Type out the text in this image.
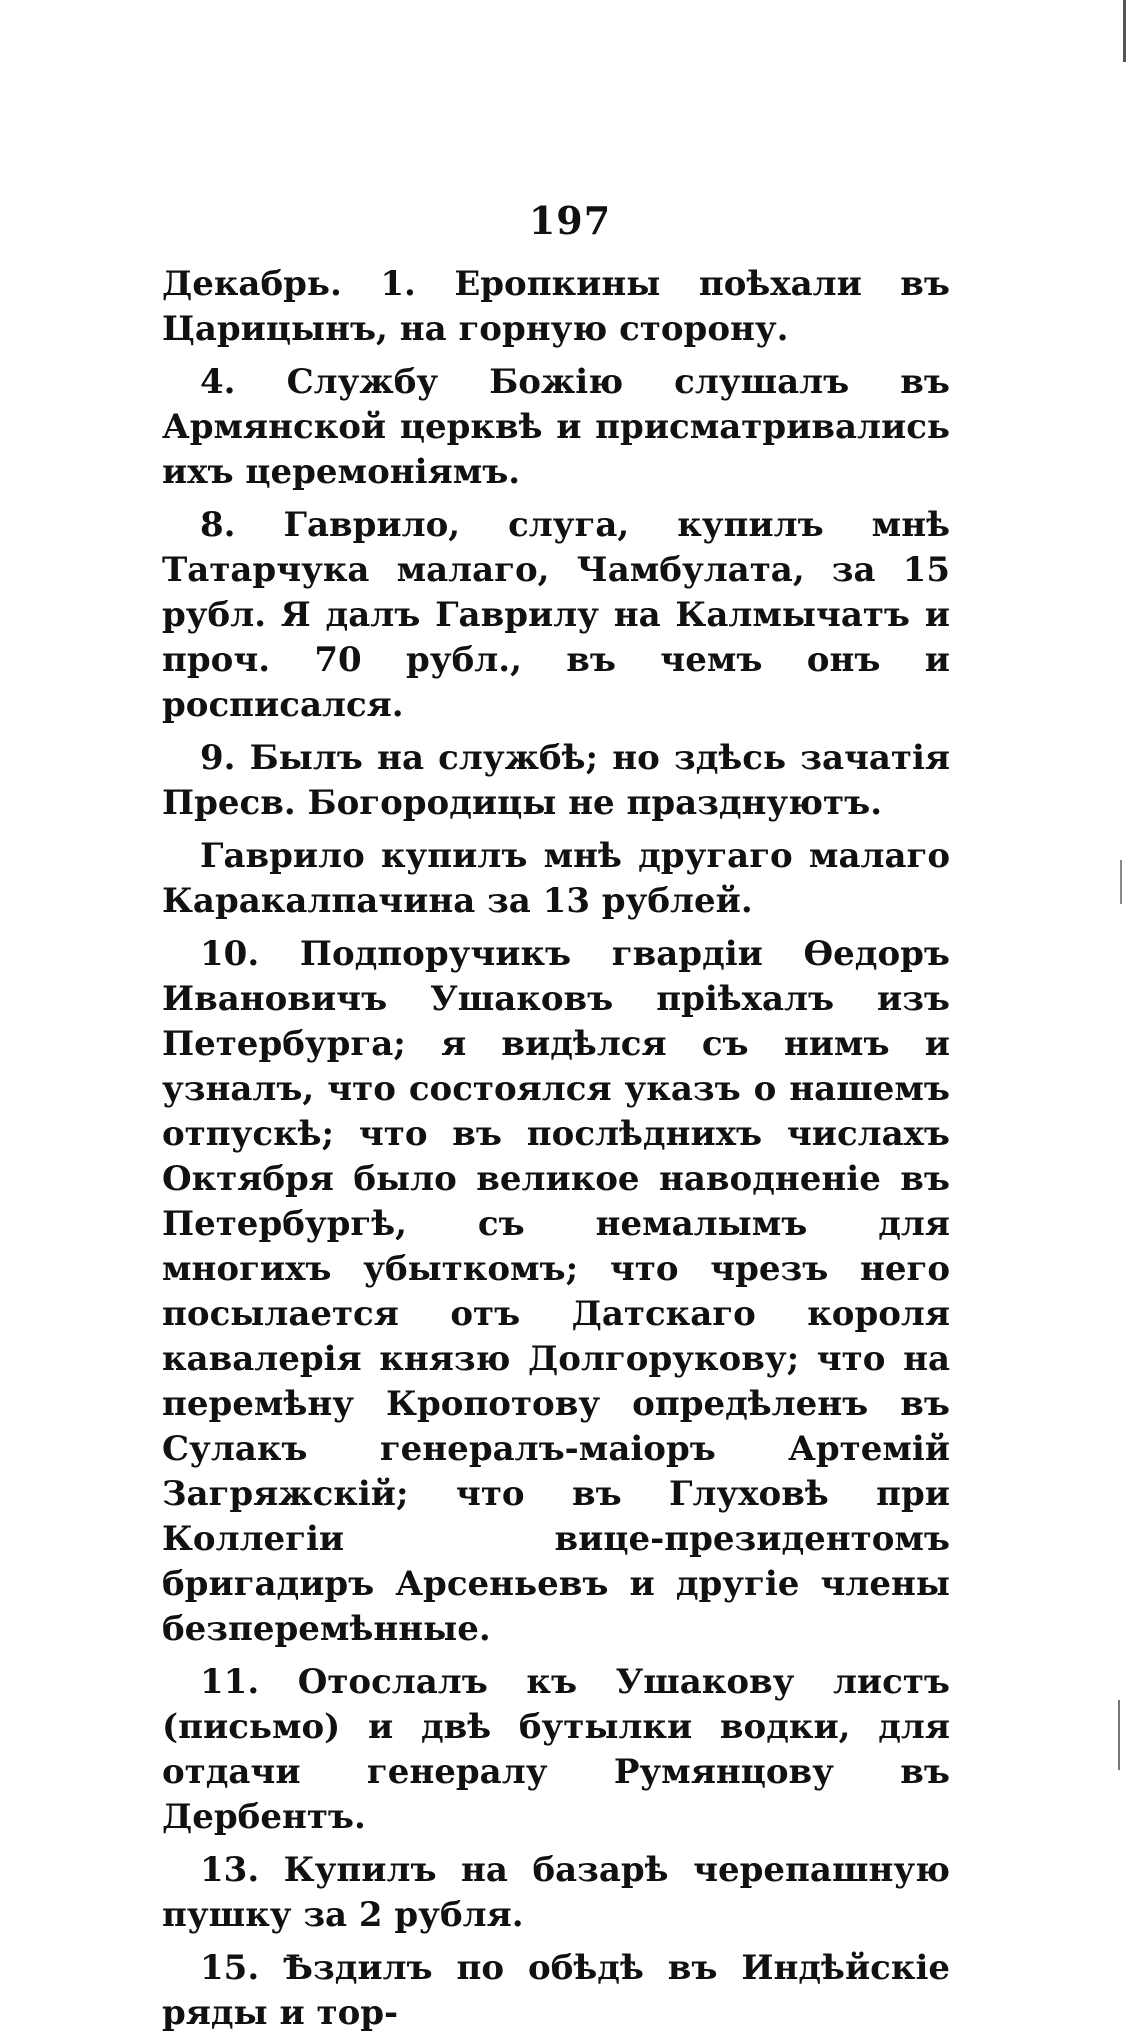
197

Декабрь. 1. Еропкины поѣхали въ Царицынъ, на горную сторону.

4. Службу Божію слушалъ въ Армянской церквѣ и присматривались ихъ церемоніямъ.

8. Гаврило, слуга, купилъ мнѣ Татарчука малаго, Чамбулата, за 15 рубл. Я далъ Гаврилу на Калмычатъ и проч. 70 рубл., въ чемъ онъ и росписался.

9. Былъ на службѣ; но здѣсь зачатія Пресв. Богородицы не празднуютъ.

Гаврило купилъ мнѣ другаго малаго Каракалпачина за 13 рублей.

10. Подпоручикъ гвардіи Өедоръ Ивановичъ Ушаковъ пріѣхалъ изъ Петербурга; я видѣлся съ нимъ и узналъ, что состоялся указъ о нашемъ отпускѣ; что въ послѣднихъ числахъ Октября было великое наводненіе въ Петербургѣ, съ немалымъ для многихъ убыткомъ; что чрезъ него посылается отъ Датскаго короля кавалерія князю Долгорукову; что на перемѣну Кропотову опредѣленъ въ Сулакъ генералъ-маіоръ Артемій Загряжскій; что въ Глуховѣ при Коллегіи вице-президентомъ бригадиръ Арсеньевъ и другіе члены безперемѣнные.

11. Отослалъ къ Ушакову листъ (письмо) и двѣ бутылки водки, для отдачи генералу Румянцову въ Дербентъ.

13. Купилъ на базарѣ черепашную пушку за 2 рубля.

15. Ѣздилъ по обѣдѣ въ Индѣйскіе ряды и тор-
